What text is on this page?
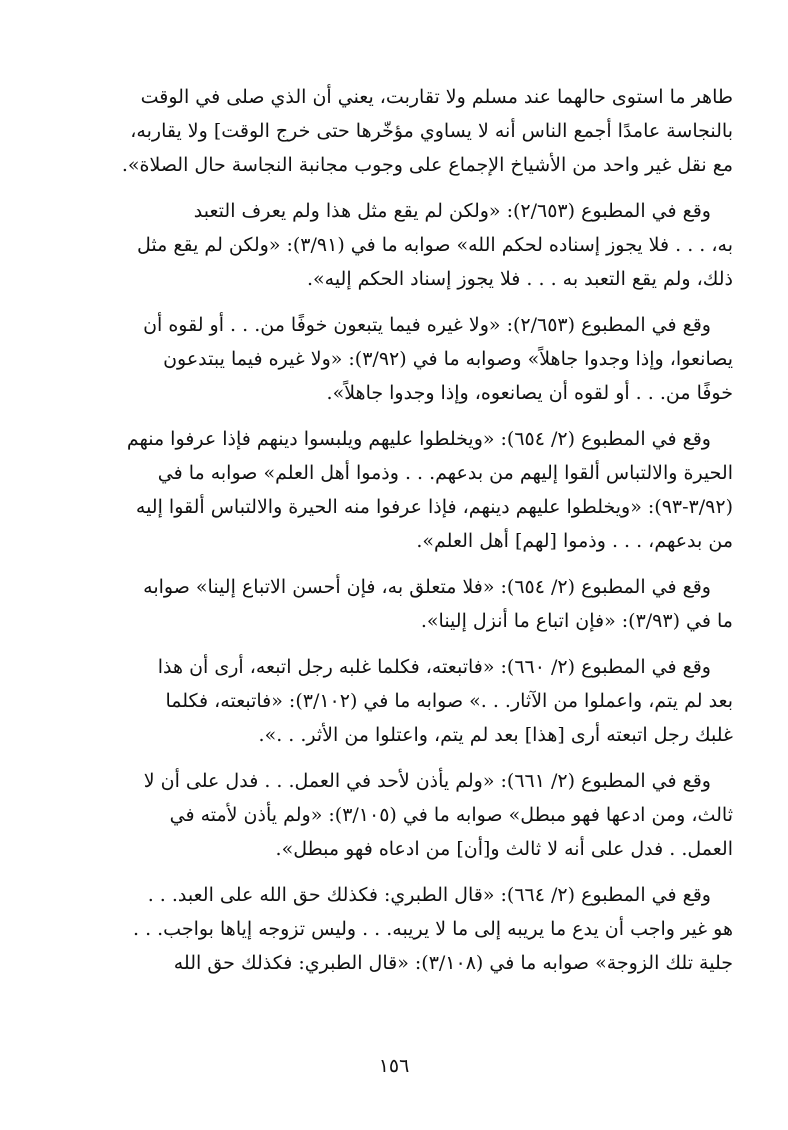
طاهر ما استوى حالهما عند مسلم ولا تقاربت، يعني أن الذي صلى في الوقت
بالنجاسة عامدًا أجمع الناس أنه لا يساوي مؤخّرها حتى خرج الوقت] ولا يقاربه،
مع نقل غير واحد من الأشياخ الإجماع على وجوب مجانبة النجاسة حال الصلاة».
وقع في المطبوع (٢/٦٥٣): «ولكن لم يقع مثل هذا ولم يعرف التعبد
به، . . . فلا يجوز إسناده لحكم الله» صوابه ما في (٣/٩١): «ولكن لم يقع مثل
ذلك، ولم يقع التعبد به . . . فلا يجوز إسناد الحكم إليه».
وقع في المطبوع (٢/٦٥٣): «ولا غيره فيما يتبعون خوفًا من. . . أو لقوه أن
يصانعوا، وإذا وجدوا جاهلاً» وصوابه ما في (٣/٩٢): «ولا غيره فيما يبتدعون
خوفًا من. . . أو لقوه أن يصانعوه، وإذا وجدوا جاهلاً».
وقع في المطبوع (٢/ ٦٥٤): «ويخلطوا عليهم ويلبسوا دينهم فإذا عرفوا منهم
الحيرة والالتباس ألقوا إليهم من بدعهم. . . وذموا أهل العلم» صوابه ما في
(٣/٩٢-٩٣): «ويخلطوا عليهم دينهم، فإذا عرفوا منه الحيرة والالتباس ألقوا إليه
من بدعهم، . . . وذموا [لهم] أهل العلم».
وقع في المطبوع (٢/ ٦٥٤): «فلا متعلق به، فإن أحسن الاتباع إلينا» صوابه
ما في (٣/٩٣): «فإن اتباع ما أنزل إلينا».
وقع في المطبوع (٢/ ٦٦٠): «فاتبعته، فكلما غلبه رجل اتبعه، أرى أن هذا
بعد لم يتم، واعملوا من الآثار. . .» صوابه ما في (٣/١٠٢): «فاتبعته، فكلما
غلبك رجل اتبعته أرى [هذا] بعد لم يتم، واعتلوا من الأثر. . .».
وقع في المطبوع (٢/ ٦٦١): «ولم يأذن لأحد في العمل. . . فدل على أن لا
ثالث، ومن ادعها فهو مبطل» صوابه ما في (٣/١٠٥): «ولم يأذن لأمته في
العمل. . فدل على أنه لا ثالث و[أن] من ادعاه فهو مبطل».
وقع في المطبوع (٢/ ٦٦٤): «قال الطبري: فكذلك حق الله على العبد. . .
هو غير واجب أن يدع ما يريبه إلى ما لا يريبه. . . وليس تزوجه إياها بواجب. . .
جلية تلك الزوجة» صوابه ما في (٣/١٠٨): «قال الطبري: فكذلك حق الله
١٥٦
